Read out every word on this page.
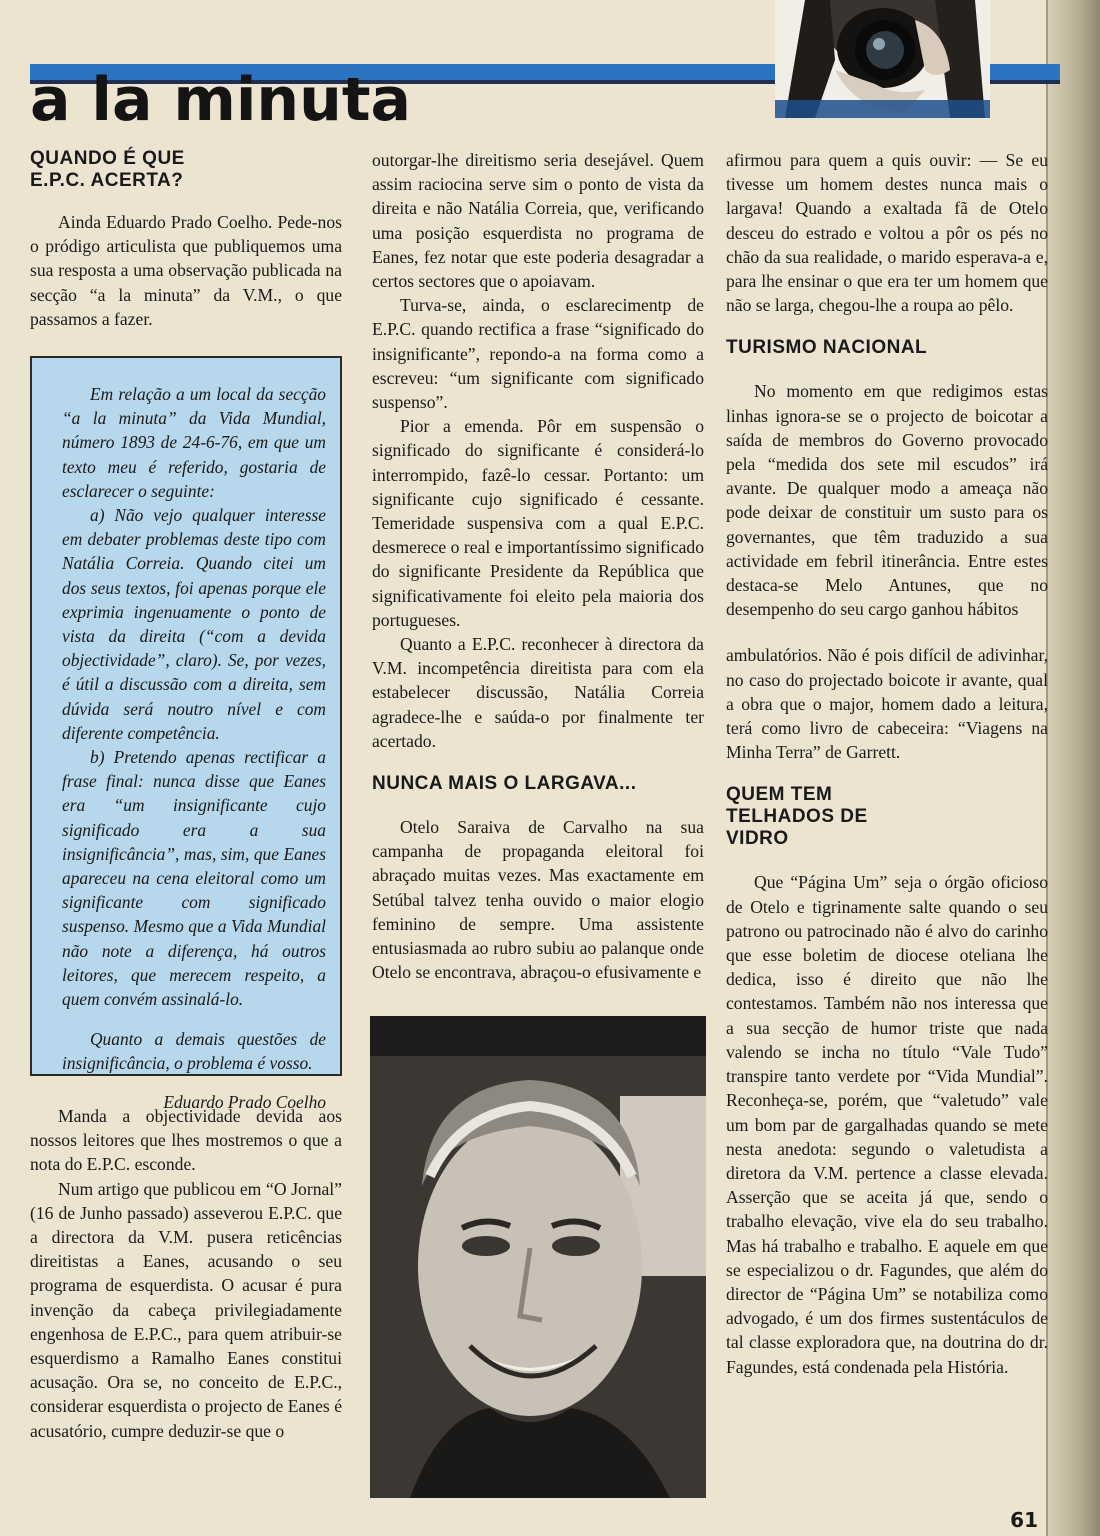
a la minuta
QUANDO É QUE E.P.C. ACERTA?

Ainda Eduardo Prado Coelho. Pede-nos o pródigo articulista que publiquemos uma sua resposta a uma observação publicada na secção “a la minuta” da V.M., o que passamos a fazer.

Em relação a um local da secção “a la minuta” da Vida Mundial, número 1893 de 24-6-76, em que um texto meu é referido, gostaria de esclarecer o seguinte:

a) Não vejo qualquer interesse em debater problemas deste tipo com Natália Correia. Quando citei um dos seus textos, foi apenas porque ele exprimia ingenuamente o ponto de vista da direita (“com a devida objectividade”, claro). Se, por vezes, é útil a discussão com a direita, sem dúvida será noutro nível e com diferente competência.

b) Pretendo apenas rectificar a frase final: nunca disse que Eanes era “um insignificante cujo significado era a sua insignificância”, mas, sim, que Eanes apareceu na cena eleitoral como um significante com significado suspenso. Mesmo que a Vida Mundial não note a diferença, há outros leitores, que merecem respeito, a quem convém assinalá-lo.

Quanto a demais questões de insignificância, o problema é vosso.

Eduardo Prado Coelho

Manda a objectividade devida aos nossos leitores que lhes mostremos o que a nota do E.P.C. esconde.

Num artigo que publicou em “O Jornal” (16 de Junho passado) asseverou E.P.C. que a directora da V.M. pusera reticências direitistas a Eanes, acusando o seu programa de esquerdista. O acusar é pura invenção da cabeça privilegiadamente engenhosa de E.P.C., para quem atribuir-se esquerdismo a Ramalho Eanes constitui acusação. Ora se, no conceito de E.P.C., considerar esquerdista o projecto de Eanes é acusatório, cumpre deduzir-se que o

outorgar-lhe direitismo seria desejável. Quem assim raciocina serve sim o ponto de vista da direita e não Natália Correia, que, verificando uma posição esquerdista no programa de Eanes, fez notar que este poderia desagradar a certos sectores que o apoiavam.

Turva-se, ainda, o esclarecimentp de E.P.C. quando rectifica a frase “significado do insignificante”, repondo-a na forma como a escreveu: “um significante com significado suspenso”.

Pior a emenda. Pôr em suspensão o significado do significante é considerá-lo interrompido, fazê-lo cessar. Portanto: um significante cujo significado é cessante. Temeridade suspensiva com a qual E.P.C. desmerece o real e importantíssimo significado do significante Presidente da República que significativamente foi eleito pela maioria dos portugueses.

Quanto a E.P.C. reconhecer à directora da V.M. incompetência direitista para com ela estabelecer discussão, Natália Correia agradece-lhe e saúda-o por finalmente ter acertado.

NUNCA MAIS O LARGAVA...

Otelo Saraiva de Carvalho na sua campanha de propaganda eleitoral foi abraçado muitas vezes. Mas exactamente em Setúbal talvez tenha ouvido o maior elogio feminino de sempre. Uma assistente entusiasmada ao rubro subiu ao palanque onde Otelo se encontrava, abraçou-o efusivamente e

afirmou para quem a quis ouvir: — Se eu tivesse um homem destes nunca mais o largava! Quando a exaltada fã de Otelo desceu do estrado e voltou a pôr os pés no chão da sua realidade, o marido esperava-a e, para lhe ensinar o que era ter um homem que não se larga, chegou-lhe a roupa ao pêlo.

TURISMO NACIONAL

No momento em que redigimos estas linhas ignora-se se o projecto de boicotar a saída de membros do Governo provocado pela “medida dos sete mil escudos” irá avante. De qualquer modo a ameaça não pode deixar de constituir um susto para os governantes, que têm traduzido a sua actividade em febril itinerância. Entre estes destaca-se Melo Antunes, que no desempenho do seu cargo ganhou hábitos

ambulatórios. Não é pois difícil de adivinhar, no caso do projectado boicote ir avante, qual a obra que o major, homem dado a leitura, terá como livro de cabeceira: “Viagens na Minha Terra” de Garrett.

QUEM TEM TELHADOS DE VIDRO

Que “Página Um” seja o órgão oficioso de Otelo e tigrinamente salte quando o seu patrono ou patrocinado não é alvo do carinho que esse boletim de diocese oteliana lhe dedica, isso é direito que não lhe contestamos. Também não nos interessa que a sua secção de humor triste que nada valendo se incha no título “Vale Tudo” transpire tanto verdete por “Vida Mundial”. Reconheça-se, porém, que “valetudo” vale um bom par de gargalhadas quando se mete nesta anedota: segundo o valetudista a diretora da V.M. pertence a classe elevada. Asserção que se aceita já que, sendo o trabalho elevação, vive ela do seu trabalho. Mas há trabalho e trabalho. E aquele em que se especializou o dr. Fagundes, que além do director de “Página Um” se notabiliza como advogado, é um dos firmes sustentáculos de tal classe exploradora que, na doutrina do dr. Fagundes, está condenada pela História.

61
